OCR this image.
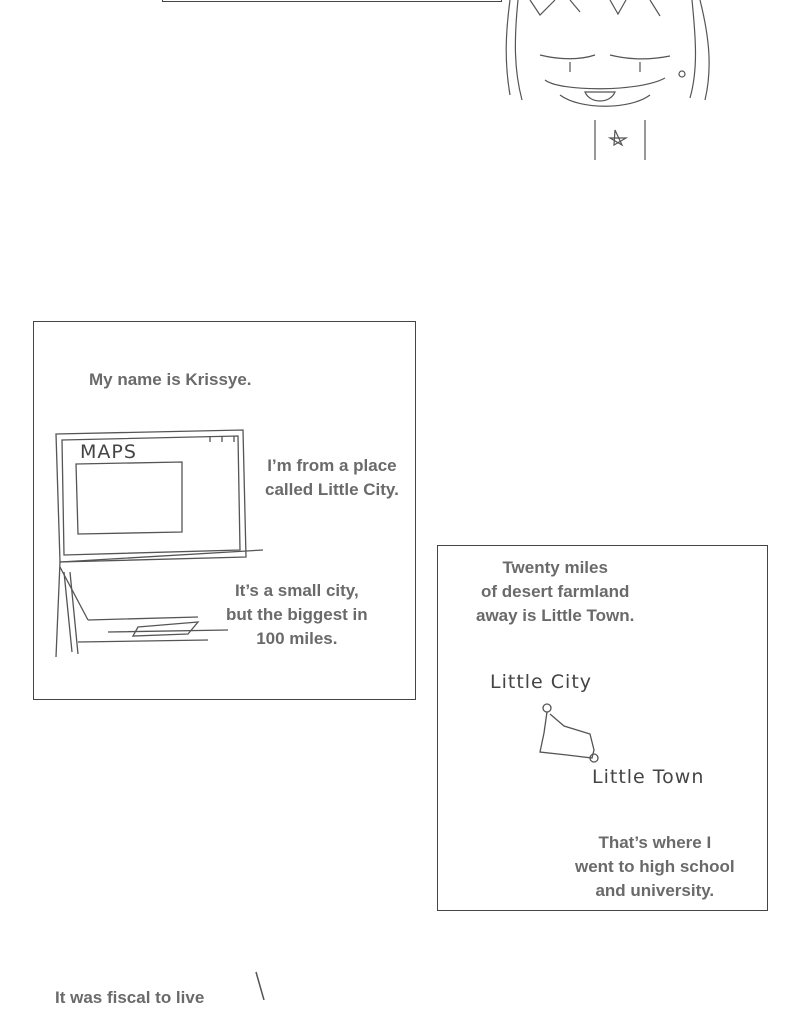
My name is Krissye.
MAPS
I’m from a place
called Little City.
It’s a small city,
but the biggest in
100 miles.
Twenty miles
of desert farmland
away is Little Town.
Little City
Little Town
That’s where I
went to high school
and university.
It was fiscal to live
